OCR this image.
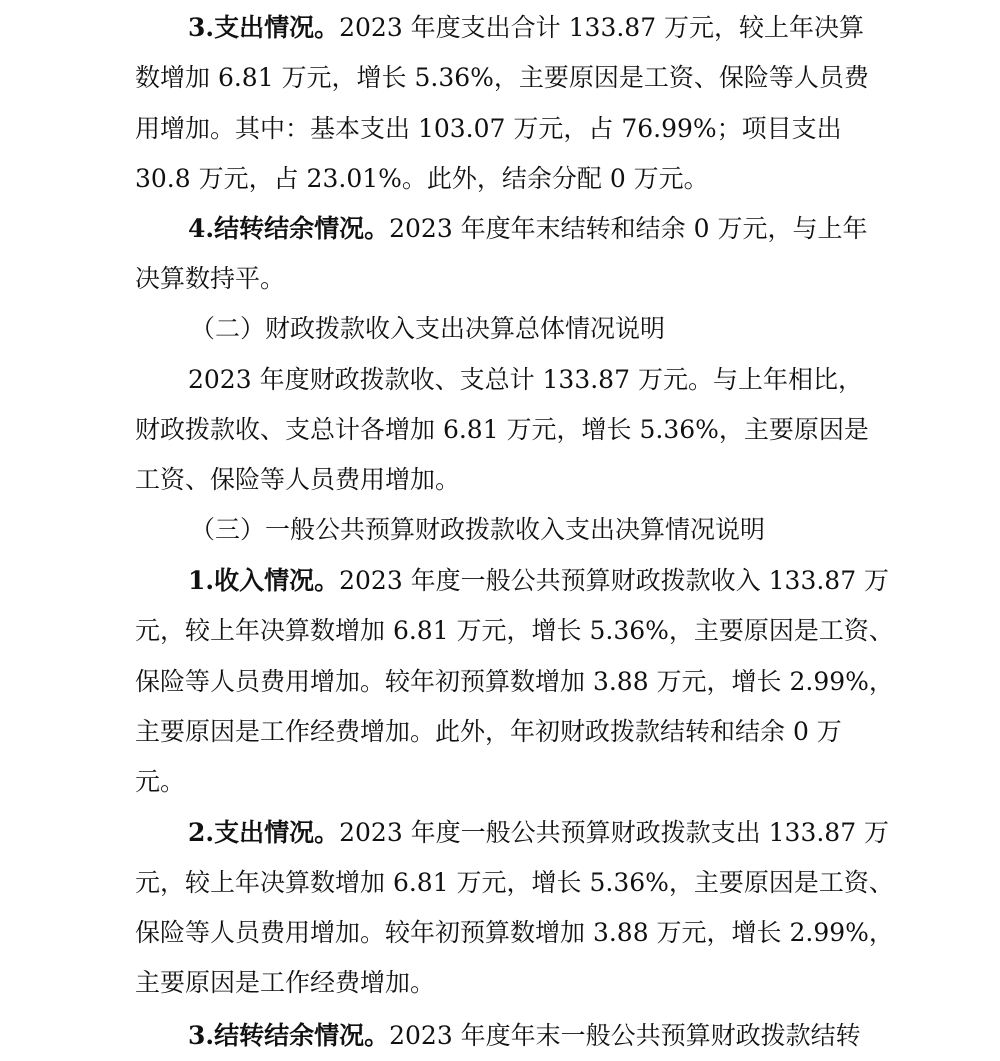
3.支出情况。2023 年度支出合计 133.87 万元，较上年决算
数增加 6.81 万元，增长 5.36%，主要原因是工资、保险等人员费
用增加。其中：基本支出 103.07 万元，占 76.99%；项目支出
30.8 万元，占 23.01%。此外，结余分配 0 万元。
4.结转结余情况。2023 年度年末结转和结余 0 万元，与上年
决算数持平。
（二）财政拨款收入支出决算总体情况说明
2023 年度财政拨款收、支总计 133.87 万元。与上年相比，
财政拨款收、支总计各增加 6.81 万元，增长 5.36%，主要原因是
工资、保险等人员费用增加。
（三）一般公共预算财政拨款收入支出决算情况说明
1.收入情况。2023 年度一般公共预算财政拨款收入 133.87 万
元，较上年决算数增加 6.81 万元，增长 5.36%，主要原因是工资、
保险等人员费用增加。较年初预算数增加 3.88 万元，增长 2.99%，
主要原因是工作经费增加。此外，年初财政拨款结转和结余 0 万
元。
2.支出情况。2023 年度一般公共预算财政拨款支出 133.87 万
元，较上年决算数增加 6.81 万元，增长 5.36%，主要原因是工资、
保险等人员费用增加。较年初预算数增加 3.88 万元，增长 2.99%，
主要原因是工作经费增加。
3.结转结余情况。2023 年度年末一般公共预算财政拨款结转
